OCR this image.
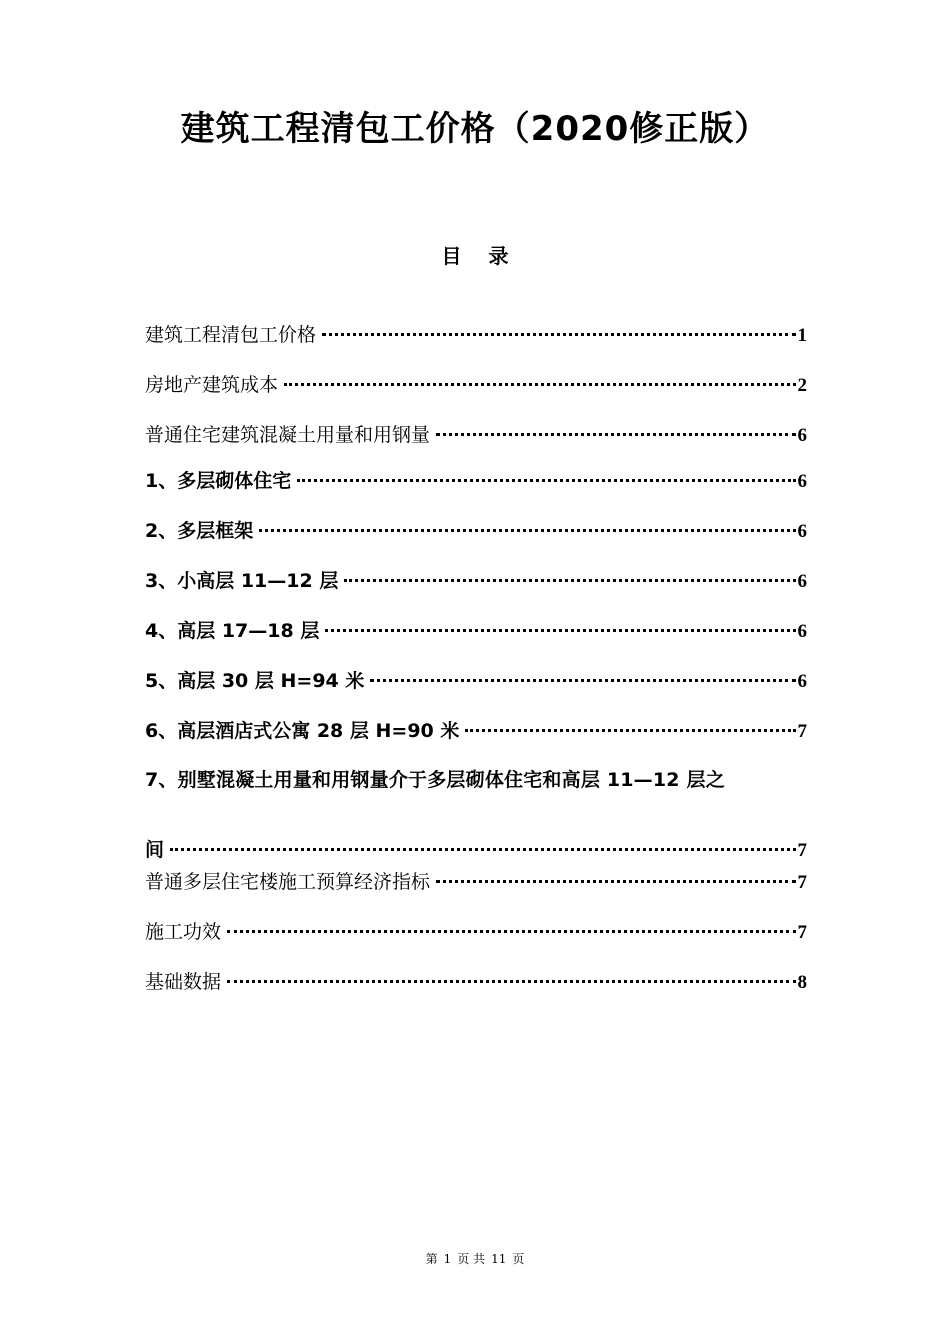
建筑工程清包工价格（2020修正版）
目 录
建筑工程清包工价格	1
房地产建筑成本	2
普通住宅建筑混凝土用量和用钢量	6
1、多层砌体住宅	6
2、多层框架	6
3、小高层 11—12 层	6
4、高层 17—18 层	6
5、高层 30 层 H=94 米	6
6、高层酒店式公寓 28 层 H=90 米	7
7、别墅混凝土用量和用钢量介于多层砌体住宅和高层 11—12 层之
间	7
普通多层住宅楼施工预算经济指标	7
施工功效	7
基础数据	8
第 1 页 共 11 页
